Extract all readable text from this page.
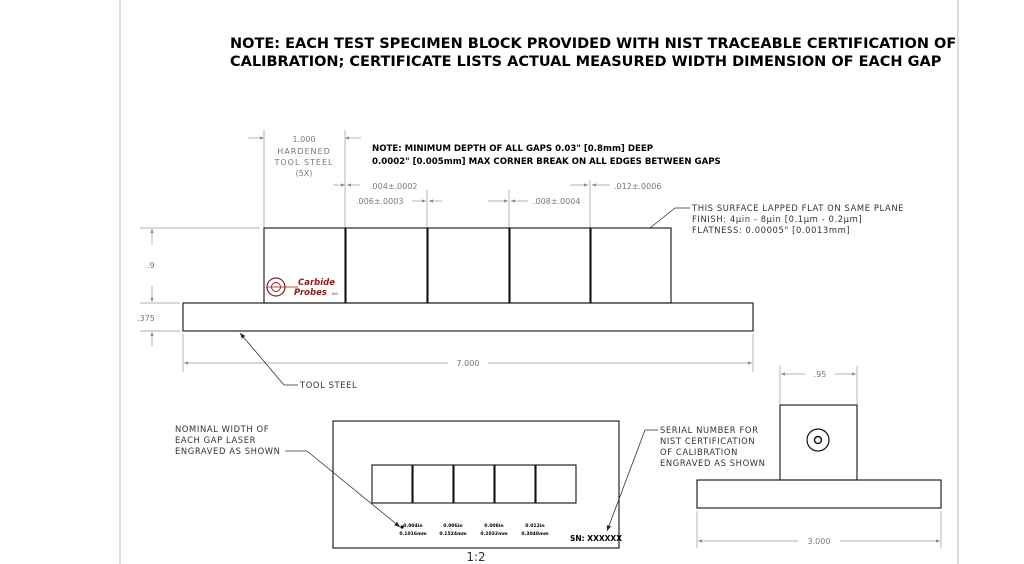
NOTE: EACH TEST SPECIMEN BLOCK PROVIDED WITH NIST TRACEABLE CERTIFICATION OF
CALIBRATION; CERTIFICATE LISTS ACTUAL MEASURED WIDTH DIMENSION OF EACH GAP
NOTE: MINIMUM DEPTH OF ALL GAPS 0.03" [0.8mm] DEEP
0.0002" [0.005mm] MAX CORNER BREAK ON ALL EDGES BETWEEN GAPS
1.000
HARDENED
TOOL STEEL
(5X)
.004±.0002
.006±.0003	.008±.0004
.012±.0006
THIS SURFACE LAPPED FLAT ON SAME PLANE
FINISH: 4µin - 8µin [0.1µm - 0.2µm]
FLATNESS: 0.00005" [0.0013mm]
Carbide
Probes INC.
.9
.375
7.000
TOOL STEEL
NOMINAL WIDTH OF
EACH GAP LASER
ENGRAVED AS SHOWN
0.004in
0.1016mm
0.006in
0.1524mm
0.008in
0.2032mm
0.012in
0.3048mm	SN: XXXXXX
SERIAL NUMBER FOR
NIST CERTIFICATION
OF CALIBRATION
ENGRAVED AS SHOWN
.95
3.000
1:2
